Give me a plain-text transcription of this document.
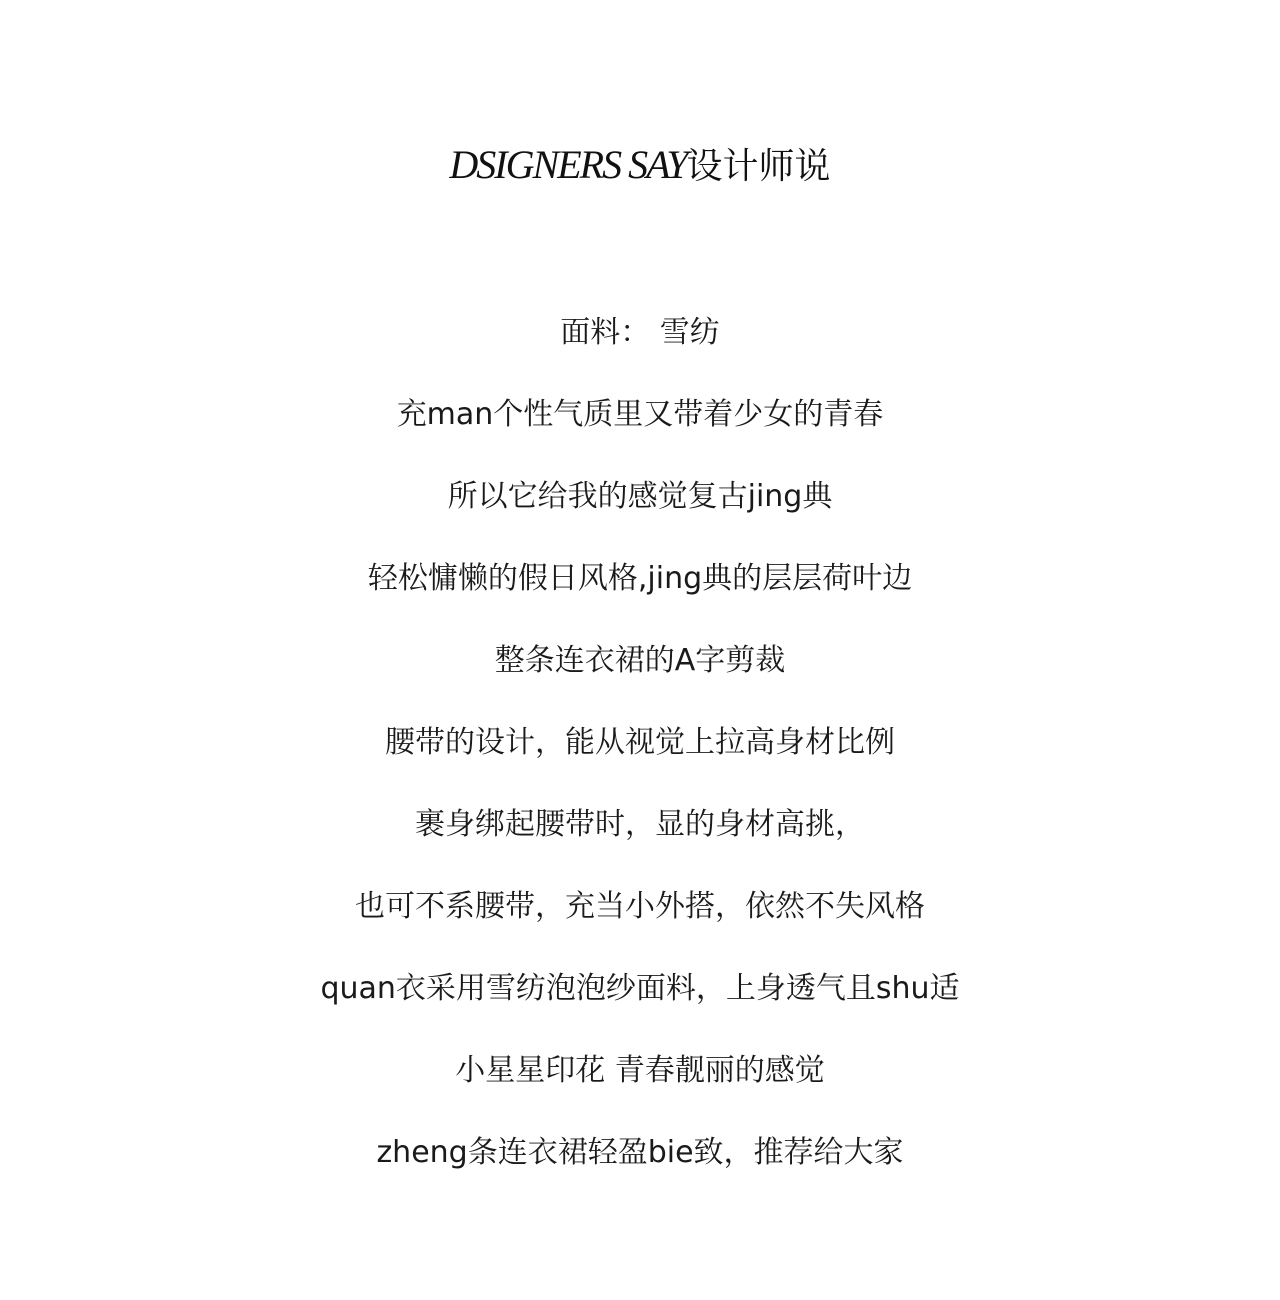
DSIGNERS SAY设计师说
面料： 雪纺
充man个性气质里又带着少女的青春
所以它给我的感觉复古jing典
轻松慵懒的假日风格,jing典的层层荷叶边
整条连衣裙的A字剪裁
腰带的设计，能从视觉上拉高身材比例
裹身绑起腰带时，显的身材高挑，
也可不系腰带，充当小外搭，依然不失风格
quan衣采用雪纺泡泡纱面料，上身透气且shu适
小星星印花 青春靓丽的感觉
zheng条连衣裙轻盈bie致，推荐给大家
